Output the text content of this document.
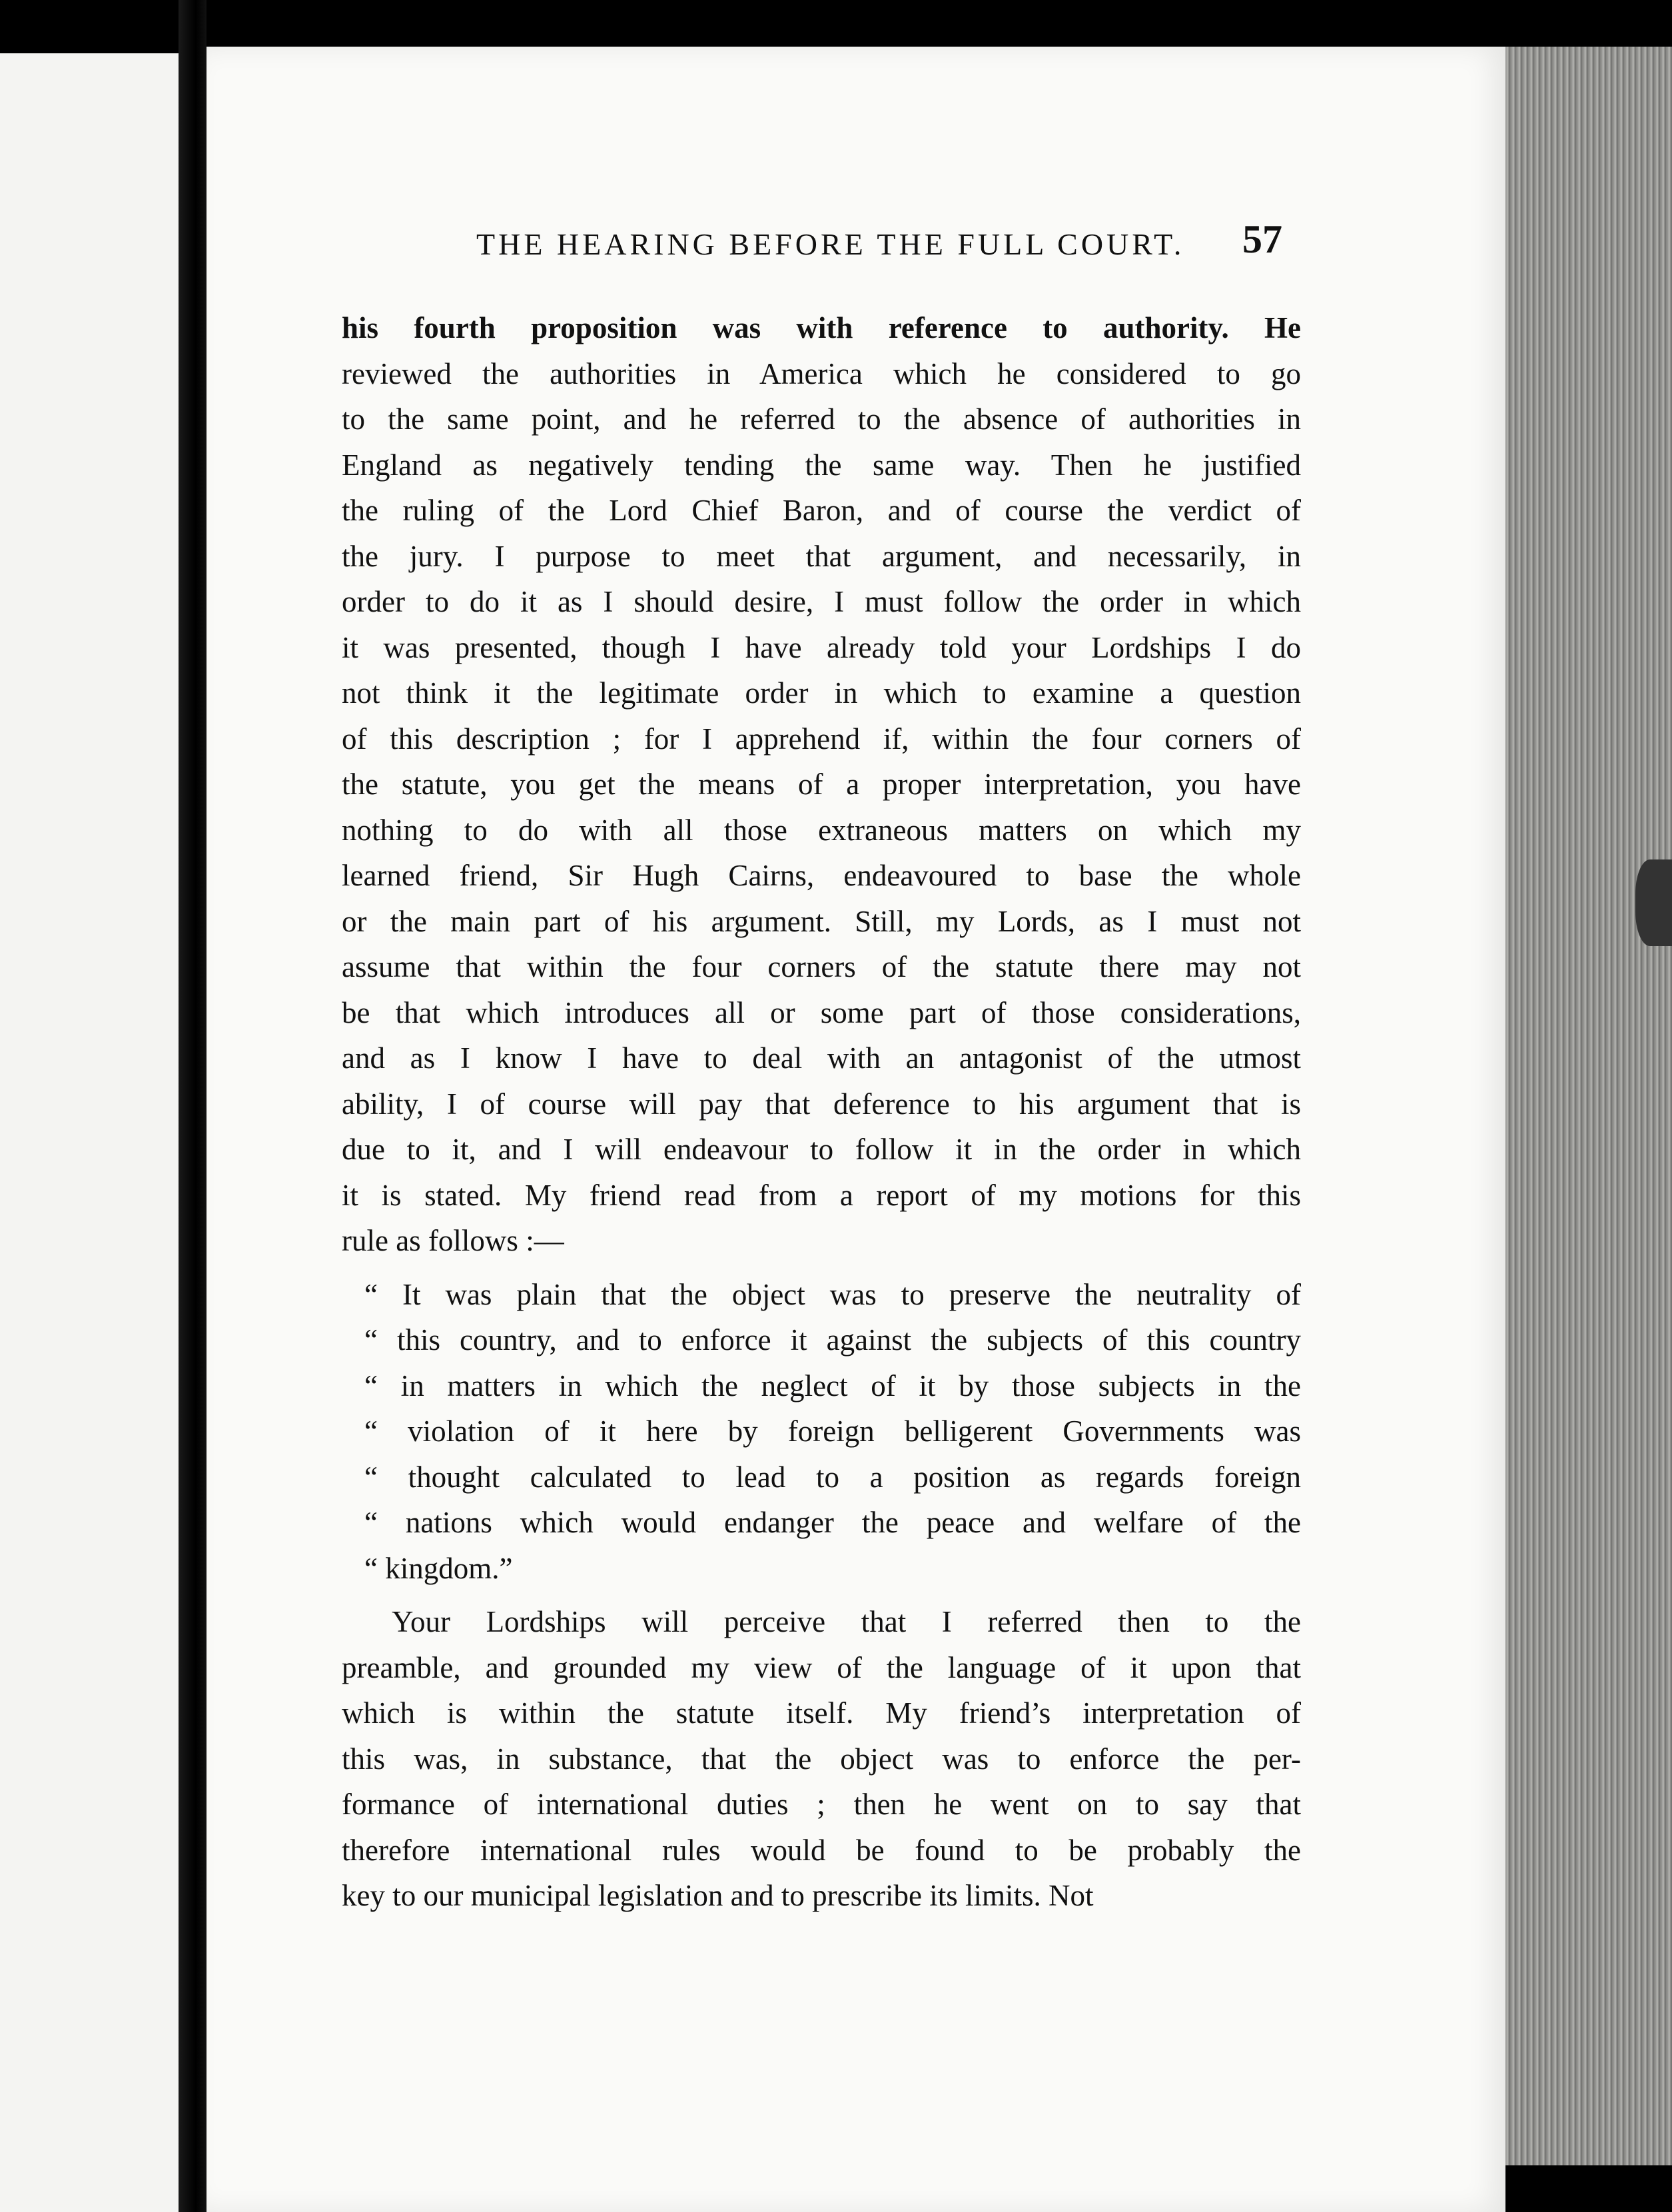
THE HEARING BEFORE THE FULL COURT. 57
his fourth proposition was with reference to authority. He
reviewed the authorities in America which he considered to go
to the same point, and he referred to the absence of authorities in
England as negatively tending the same way. Then he justified
the ruling of the Lord Chief Baron, and of course the verdict of
the jury. I purpose to meet that argument, and necessarily, in
order to do it as I should desire, I must follow the order in which
it was presented, though I have already told your Lordships I do
not think it the legitimate order in which to examine a question
of this description ; for I apprehend if, within the four corners of
the statute, you get the means of a proper interpretation, you have
nothing to do with all those extraneous matters on which my
learned friend, Sir Hugh Cairns, endeavoured to base the whole
or the main part of his argument. Still, my Lords, as I must not
assume that within the four corners of the statute there may not
be that which introduces all or some part of those considerations,
and as I know I have to deal with an antagonist of the utmost
ability, I of course will pay that deference to his argument that is
due to it, and I will endeavour to follow it in the order in which
it is stated. My friend read from a report of my motions for this
rule as follows :—
“ It was plain that the object was to preserve the neutrality of
“ this country, and to enforce it against the subjects of this country
“ in matters in which the neglect of it by those subjects in the
“ violation of it here by foreign belligerent Governments was
“ thought calculated to lead to a position as regards foreign
“ nations which would endanger the peace and welfare of the
“ kingdom.”
Your Lordships will perceive that I referred then to the
preamble, and grounded my view of the language of it upon that
which is within the statute itself. My friend’s interpretation of
this was, in substance, that the object was to enforce the per-
formance of international duties ; then he went on to say that
therefore international rules would be found to be probably the
key to our municipal legislation and to prescribe its limits. Not
